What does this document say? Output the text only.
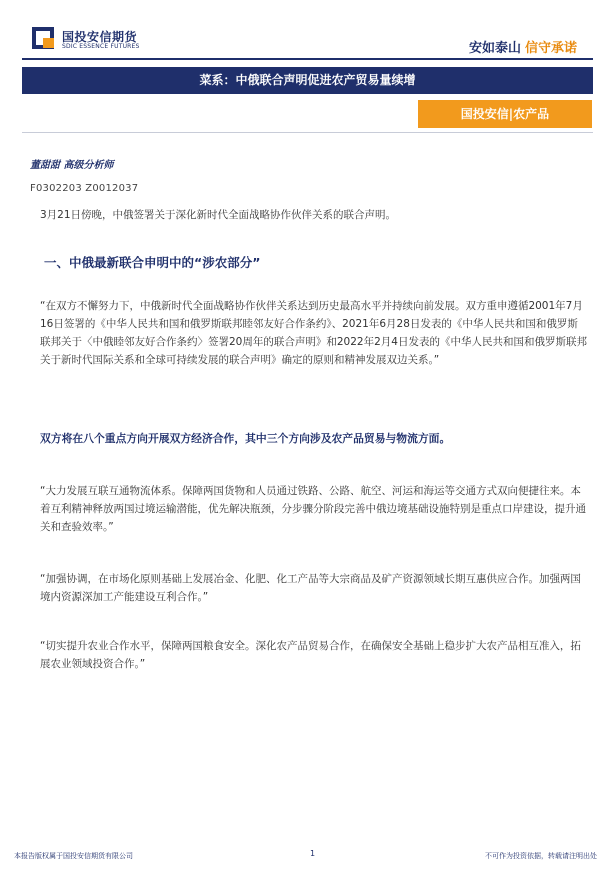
国投安信期货
SDIC ESSENCE FUTURES	安如泰山 信守承诺
菜系：中俄联合声明促进农产贸易量续增
国投安信|农产品
董甜甜 高级分析师
F0302203 Z0012037
3月21日傍晚，中俄签署关于深化新时代全面战略协作伙伴关系的联合声明。
一、中俄最新联合申明中的“涉农部分”
“在双方不懈努力下，中俄新时代全面战略协作伙伴关系达到历史最高水平并持续向前发展。双方重申遵循2001年7月16日签署的《中华人民共和国和俄罗斯联邦睦邻友好合作条约》、2021年6月28日发表的《中华人民共和国和俄罗斯联邦关于〈中俄睦邻友好合作条约〉签署20周年的联合声明》和2022年2月4日发表的《中华人民共和国和俄罗斯联邦关于新时代国际关系和全球可持续发展的联合声明》确定的原则和精神发展双边关系。”
双方将在八个重点方向开展双方经济合作，其中三个方向涉及农产品贸易与物流方面。
“大力发展互联互通物流体系。保障两国货物和人员通过铁路、公路、航空、河运和海运等交通方式双向便捷往来。本着互利精神释放两国过境运输潜能，优先解决瓶颈，分步骤分阶段完善中俄边境基础设施特别是重点口岸建设，提升通关和查验效率。”
“加强协调，在市场化原则基础上发展冶金、化肥、化工产品等大宗商品及矿产资源领域长期互惠供应合作。加强两国境内资源深加工产能建设互利合作。”
“切实提升农业合作水平，保障两国粮食安全。深化农产品贸易合作，在确保安全基础上稳步扩大农产品相互准入，拓展农业领域投资合作。”
本报告版权属于国投安信期货有限公司	1	不可作为投资依据，转载请注明出处
